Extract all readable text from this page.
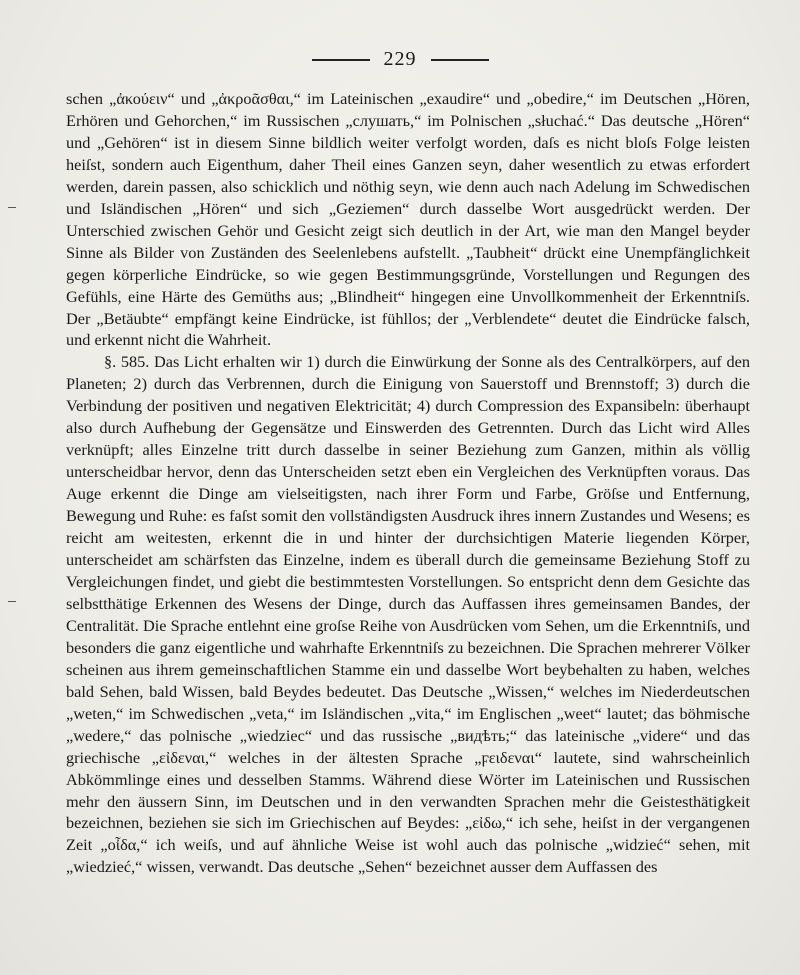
229

schen „ἀκούειν“ und „ἀκροᾶσθαι,“ im Lateinischen „exaudire“ und „obedire,“ im Deutschen „Hören, Erhören und Gehorchen,“ im Russischen „слушать,“ im Polnischen „słuchać.“ Das deutsche „Hören“ und „Gehören“ ist in diesem Sinne bildlich weiter verfolgt worden, daſs es nicht bloſs Folge leisten heiſst, sondern auch Eigenthum, daher Theil eines Ganzen seyn, daher wesentlich zu etwas erfordert werden, darein passen, also schicklich und nöthig seyn, wie denn auch nach Adelung im Schwedischen und Isländischen „Hören“ und sich „Geziemen“ durch dasselbe Wort ausgedrückt werden. Der Unterschied zwischen Gehör und Gesicht zeigt sich deutlich in der Art, wie man den Mangel beyder Sinne als Bilder von Zuständen des Seelenlebens aufstellt. „Taubheit“ drückt eine Unempfänglichkeit gegen körperliche Eindrücke, so wie gegen Bestimmungsgründe, Vorstellungen und Regungen des Gefühls, eine Härte des Gemüths aus; „Blindheit“ hingegen eine Unvollkommenheit der Erkenntniſs. Der „Betäubte“ empfängt keine Eindrücke, ist fühllos; der „Verblendete“ deutet die Eindrücke falsch, und erkennt nicht die Wahrheit.

§. 585. Das Licht erhalten wir 1) durch die Einwürkung der Sonne als des Centralkörpers, auf den Planeten; 2) durch das Verbrennen, durch die Einigung von Sauerstoff und Brennstoff; 3) durch die Verbindung der positiven und negativen Elektricität; 4) durch Compression des Expansibeln: überhaupt also durch Aufhebung der Gegensätze und Einswerden des Getrennten. Durch das Licht wird Alles verknüpft; alles Einzelne tritt durch dasselbe in seiner Beziehung zum Ganzen, mithin als völlig unterscheidbar hervor, denn das Unterscheiden setzt eben ein Vergleichen des Verknüpften voraus. Das Auge erkennt die Dinge am vielseitigsten, nach ihrer Form und Farbe, Gröſse und Entfernung, Bewegung und Ruhe: es faſst somit den vollständigsten Ausdruck ihres innern Zustandes und Wesens; es reicht am weitesten, erkennt die in und hinter der durchsichtigen Materie liegenden Körper, unterscheidet am schärfsten das Einzelne, indem es überall durch die gemeinsame Beziehung Stoff zu Vergleichungen findet, und giebt die bestimmtesten Vorstellungen. So entspricht denn dem Gesichte das selbstthätige Erkennen des Wesens der Dinge, durch das Auffassen ihres gemeinsamen Bandes, der Centralität. Die Sprache entlehnt eine groſse Reihe von Ausdrücken vom Sehen, um die Erkenntniſs, und besonders die ganz eigentliche und wahrhafte Erkenntniſs zu bezeichnen. Die Sprachen mehrerer Völker scheinen aus ihrem gemeinschaftlichen Stamme ein und dasselbe Wort beybehalten zu haben, welches bald Sehen, bald Wissen, bald Beydes bedeutet. Das Deutsche „Wissen,“ welches im Niederdeutschen „weten,“ im Schwedischen „veta,“ im Isländischen „vita,“ im Englischen „weet“ lautet; das böhmische „wedere,“ das polnische „wiedziec“ und das russische „видѣть;“ das lateinische „videre“ und das griechische „εἰδεναι,“ welches in der ältesten Sprache „ϝειδεναι“ lautete, sind wahrscheinlich Abkömmlinge eines und desselben Stamms. Während diese Wörter im Lateinischen und Russischen mehr den äussern Sinn, im Deutschen und in den verwandten Sprachen mehr die Geistesthätigkeit bezeichnen, beziehen sie sich im Griechischen auf Beydes: „εἰδω,“ ich sehe, heiſst in der vergangenen Zeit „οἶδα,“ ich weiſs, und auf ähnliche Weise ist wohl auch das polnische „widzieć“ sehen, mit „wiedzieć,“ wissen, verwandt. Das deutsche „Sehen“ bezeichnet ausser dem Auffassen des
